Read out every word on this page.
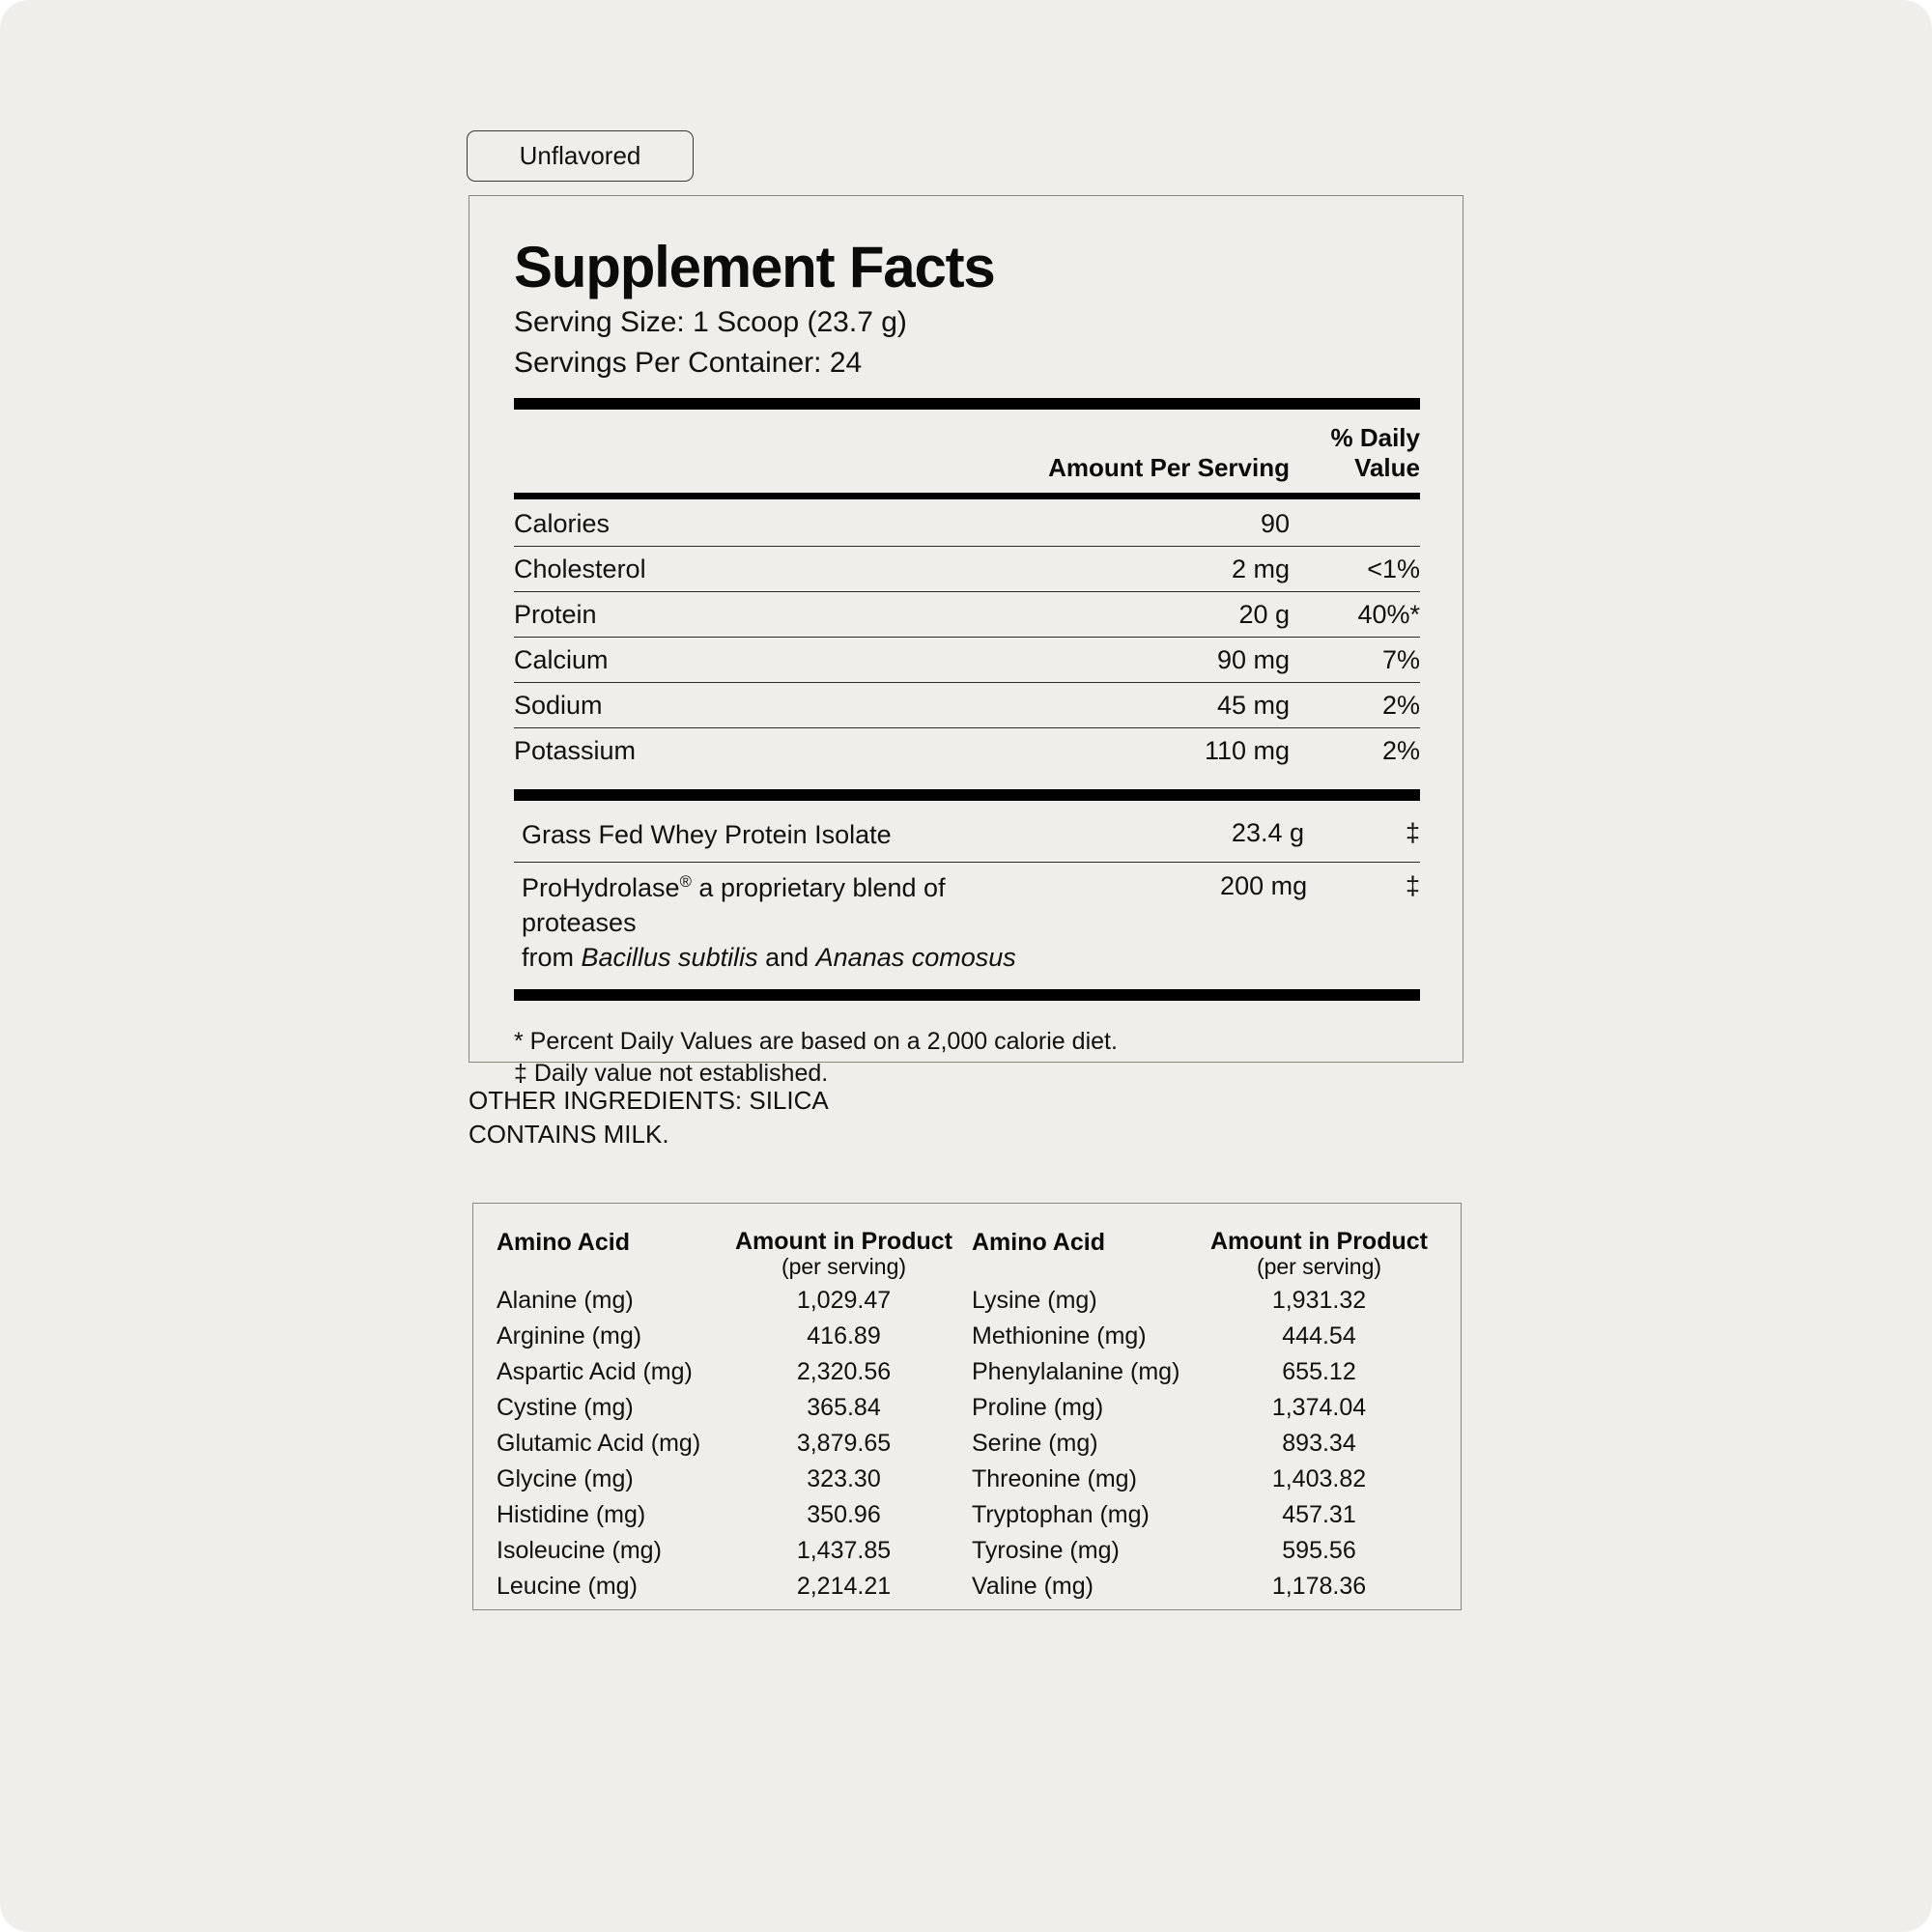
Unflavored
Supplement Facts
Serving Size: 1 Scoop (23.7 g)
Servings Per Container: 24
Amount Per Serving
% Daily Value
Calories	90
Cholesterol	2 mg	<1%
Protein	20 g	40%*
Calcium	90 mg	7%
Sodium	45 mg	2%
Potassium	110 mg	2%
Grass Fed Whey Protein Isolate	23.4 g	‡
ProHydrolase® a proprietary blend of proteases
from Bacillus subtilis and Ananas comosus
200 mg	‡
* Percent Daily Values are based on a 2,000 calorie diet.
‡ Daily value not established.
OTHER INGREDIENTS: SILICA
CONTAINS MILK.
Amino Acid	Amount in Product
(per serving)
Alanine (mg)	1,029.47
Arginine (mg)	416.89
Aspartic Acid (mg)	2,320.56
Cystine (mg)	365.84
Glutamic Acid (mg)	3,879.65
Glycine (mg)	323.30
Histidine (mg)	350.96
Isoleucine (mg)	1,437.85
Leucine (mg)	2,214.21
Amino Acid	Amount in Product
(per serving)
Lysine (mg)	1,931.32
Methionine (mg)	444.54
Phenylalanine (mg)	655.12
Proline (mg)	1,374.04
Serine (mg)	893.34
Threonine (mg)	1,403.82
Tryptophan (mg)	457.31
Tyrosine (mg)	595.56
Valine (mg)	1,178.36
